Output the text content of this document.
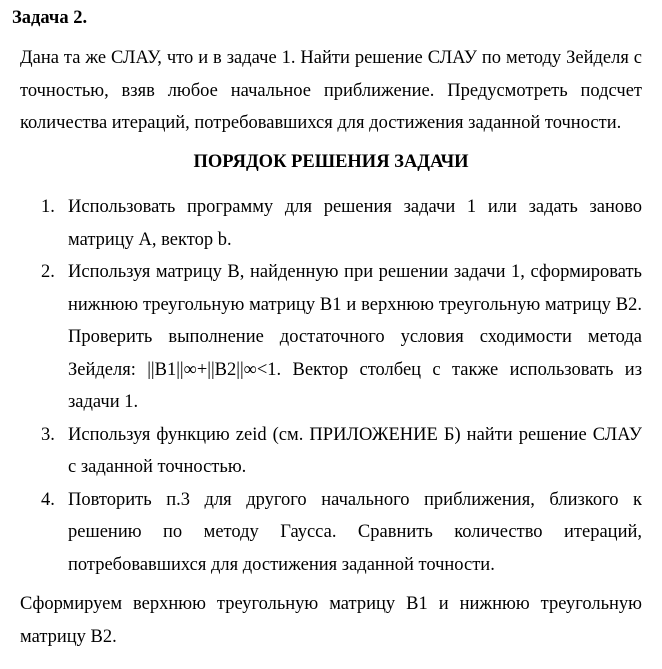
Задача 2.

Дана та же СЛАУ, что и в задаче 1. Найти решение СЛАУ по методу Зейделя с точностью, взяв любое начальное приближение. Предусмотреть подсчет количества итераций, потребовавшихся для достижения заданной точности.

ПОРЯДОК РЕШЕНИЯ ЗАДАЧИ

1. Использовать программу для решения задачи 1 или задать заново матрицу A, вектор b.
2. Используя матрицу B, найденную при решении задачи 1, сформировать нижнюю треугольную матрицу B1 и верхнюю треугольную матрицу B2. Проверить выполнение достаточного условия сходимости метода Зейделя: ||B1||∞+||B2||∞<1. Вектор столбец c также использовать из задачи 1.
3. Используя функцию zeid (см. ПРИЛОЖЕНИЕ Б) найти решение СЛАУ с заданной точностью.
4. Повторить п.3 для другого начального приближения, близкого к решению по методу Гаусса. Сравнить количество итераций, потребовавшихся для достижения заданной точности.

Сформируем верхнюю треугольную матрицу B1 и нижнюю треугольную матрицу B2.
